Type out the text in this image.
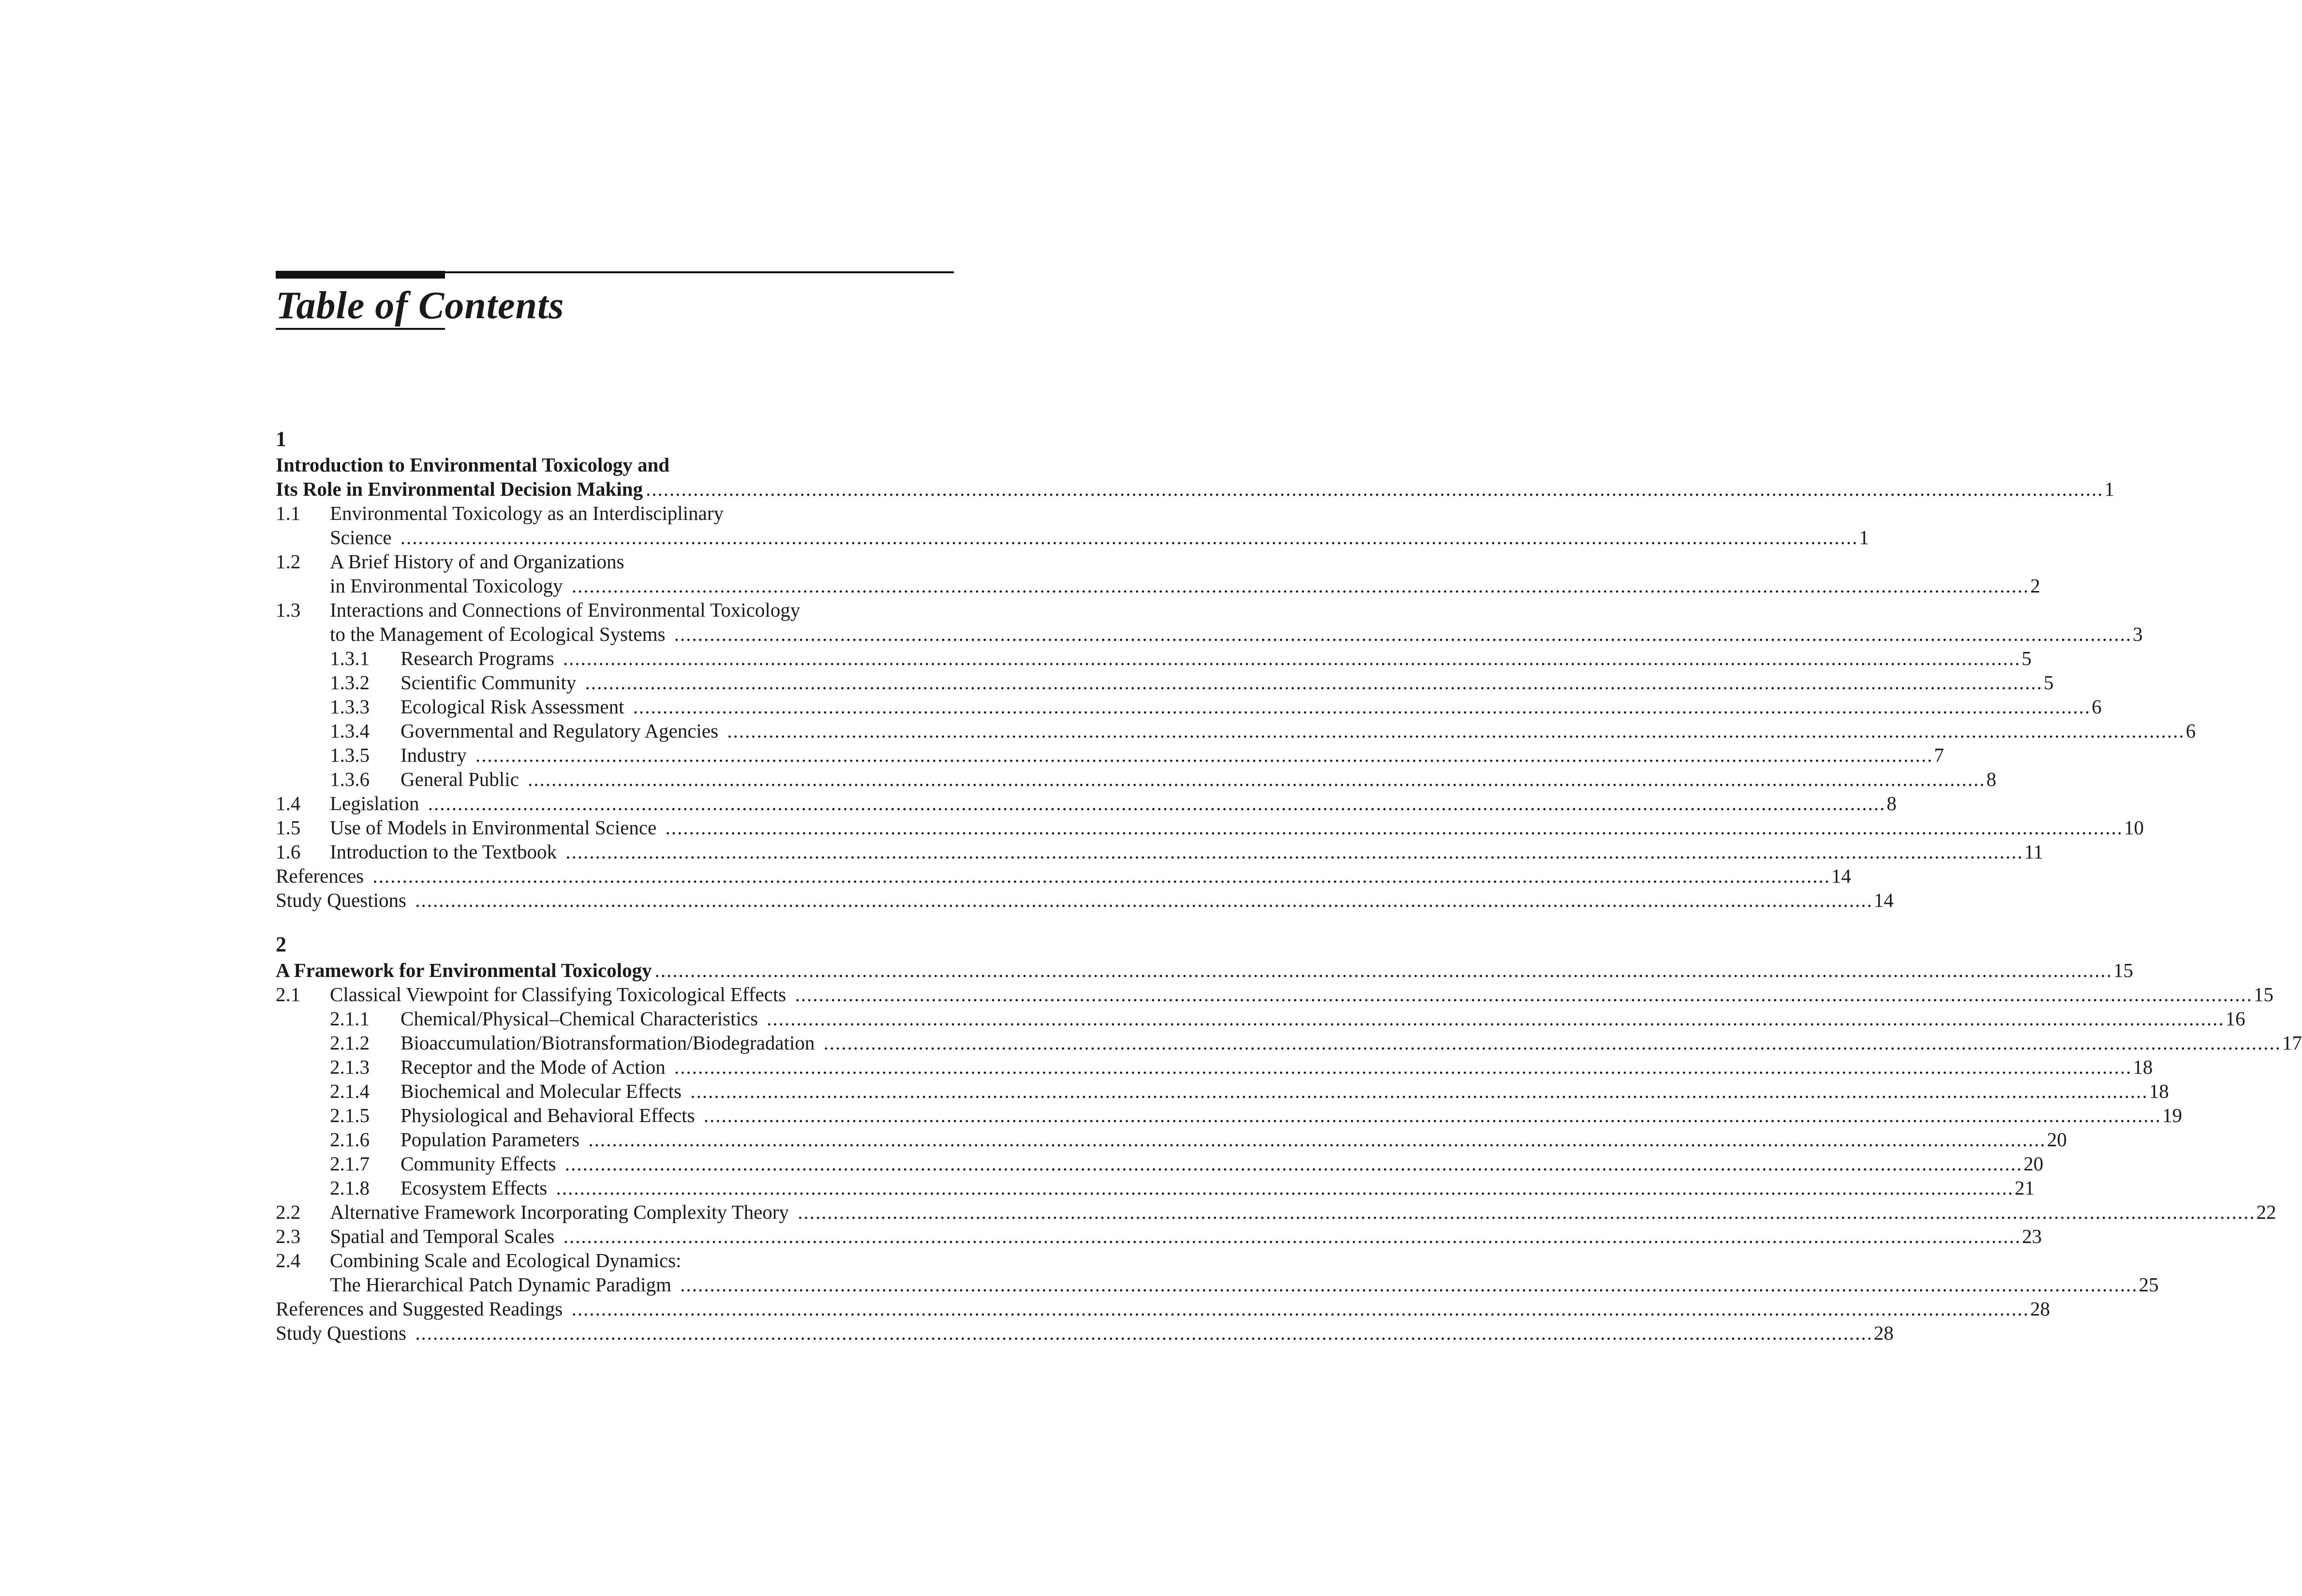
Table of Contents
1
Introduction to Environmental Toxicology and
Its Role in Environmental Decision Making ...................................................................................................................................................................................................................................................... 1
1.1 Environmental Toxicology as an Interdisciplinary
Science ...................................................................................................................................................................................................................................................... 1
1.2 A Brief History of and Organizations
in Environmental Toxicology ...................................................................................................................................................................................................................................................... 2
1.3 Interactions and Connections of Environmental Toxicology
to the Management of Ecological Systems ...................................................................................................................................................................................................................................................... 3
1.3.1 Research Programs ...................................................................................................................................................................................................................................................... 5
1.3.2 Scientific Community ...................................................................................................................................................................................................................................................... 5
1.3.3 Ecological Risk Assessment ...................................................................................................................................................................................................................................................... 6
1.3.4 Governmental and Regulatory Agencies ...................................................................................................................................................................................................................................................... 6
1.3.5 Industry ...................................................................................................................................................................................................................................................... 7
1.3.6 General Public ...................................................................................................................................................................................................................................................... 8
1.4 Legislation ...................................................................................................................................................................................................................................................... 8
1.5 Use of Models in Environmental Science ...................................................................................................................................................................................................................................................... 10
1.6 Introduction to the Textbook ...................................................................................................................................................................................................................................................... 11
References ...................................................................................................................................................................................................................................................... 14
Study Questions ...................................................................................................................................................................................................................................................... 14
2
A Framework for Environmental Toxicology ...................................................................................................................................................................................................................................................... 15
2.1 Classical Viewpoint for Classifying Toxicological Effects ...................................................................................................................................................................................................................................................... 15
2.1.1 Chemical/Physical–Chemical Characteristics ...................................................................................................................................................................................................................................................... 16
2.1.2 Bioaccumulation/Biotransformation/Biodegradation ...................................................................................................................................................................................................................................................... 17
2.1.3 Receptor and the Mode of Action ...................................................................................................................................................................................................................................................... 18
2.1.4 Biochemical and Molecular Effects ...................................................................................................................................................................................................................................................... 18
2.1.5 Physiological and Behavioral Effects ...................................................................................................................................................................................................................................................... 19
2.1.6 Population Parameters ...................................................................................................................................................................................................................................................... 20
2.1.7 Community Effects ...................................................................................................................................................................................................................................................... 20
2.1.8 Ecosystem Effects ...................................................................................................................................................................................................................................................... 21
2.2 Alternative Framework Incorporating Complexity Theory ...................................................................................................................................................................................................................................................... 22
2.3 Spatial and Temporal Scales ...................................................................................................................................................................................................................................................... 23
2.4 Combining Scale and Ecological Dynamics:
The Hierarchical Patch Dynamic Paradigm ...................................................................................................................................................................................................................................................... 25
References and Suggested Readings ...................................................................................................................................................................................................................................................... 28
Study Questions ...................................................................................................................................................................................................................................................... 28
